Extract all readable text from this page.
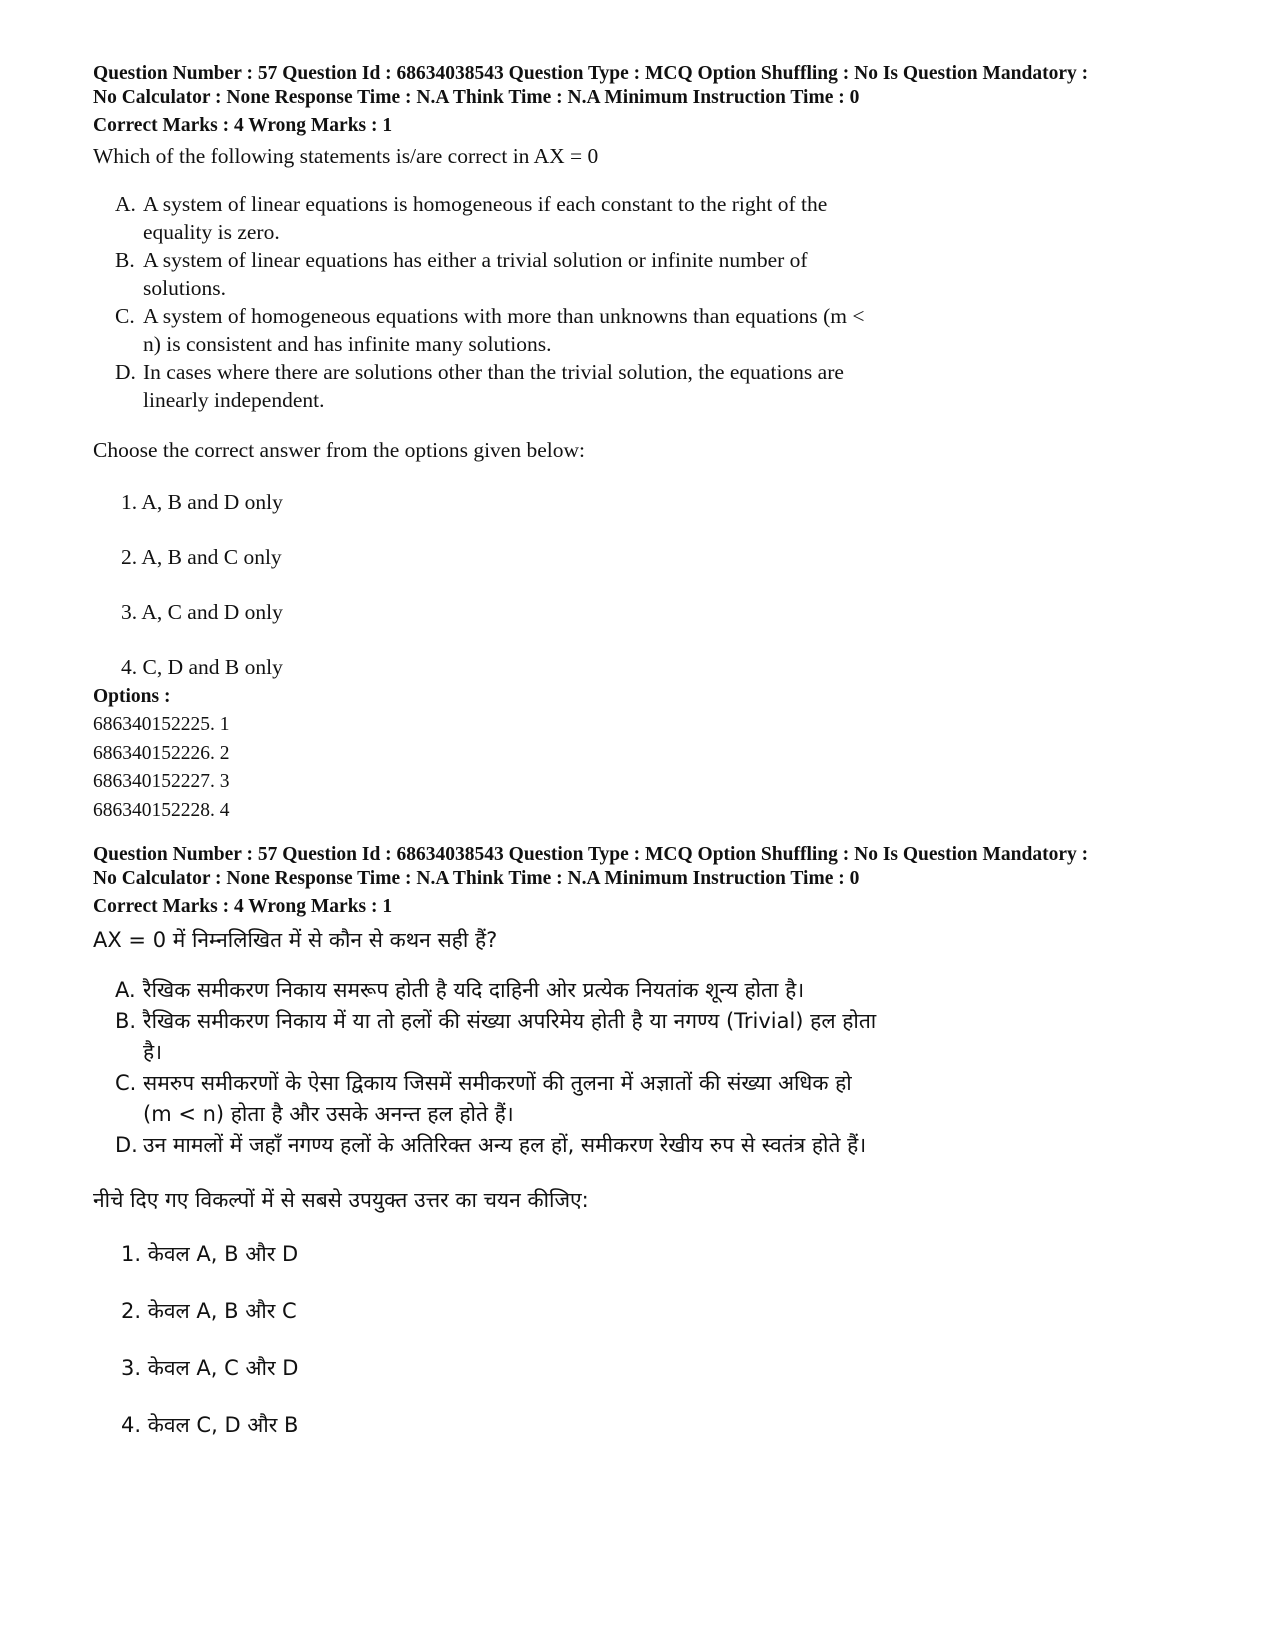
Question Number : 57 Question Id : 68634038543 Question Type : MCQ Option Shuffling : No Is Question Mandatory :

No Calculator : None Response Time : N.A Think Time : N.A Minimum Instruction Time : 0

Correct Marks : 4 Wrong Marks : 1

Which of the following statements is/are correct in AX = 0

A. A system of linear equations is homogeneous if each constant to the right of the equality is zero.
B. A system of linear equations has either a trivial solution or infinite number of solutions.
C. A system of homogeneous equations with more than unknowns than equations (m < n) is consistent and has infinite many solutions.
D. In cases where there are solutions other than the trivial solution, the equations are linearly independent.

Choose the correct answer from the options given below:

1. A, B and D only
2. A, B and C only
3. A, C and D only
4. C, D and B only

Options :

686340152225. 1
686340152226. 2
686340152227. 3
686340152228. 4

Question Number : 57 Question Id : 68634038543 Question Type : MCQ Option Shuffling : No Is Question Mandatory :

No Calculator : None Response Time : N.A Think Time : N.A Minimum Instruction Time : 0

Correct Marks : 4 Wrong Marks : 1

AX = 0 में निम्नलिखित में से कौन से कथन सही हैं?

A. रैखिक समीकरण निकाय समरूप होती है यदि दाहिनी ओर प्रत्येक नियतांक शून्य होता है।
B. रैखिक समीकरण निकाय में या तो हलों की संख्या अपरिमेय होती है या नगण्य (Trivial) हल होता है।
C. समरुप समीकरणों के ऐसा द्विकाय जिसमें समीकरणों की तुलना में अज्ञातों की संख्या अधिक हो (m < n) होता है और उसके अनन्त हल होते हैं।
D. उन मामलों में जहाँ नगण्य हलों के अतिरिक्त अन्य हल हों, समीकरण रेखीय रुप से स्वतंत्र होते हैं।

नीचे दिए गए विकल्पों में से सबसे उपयुक्त उत्तर का चयन कीजिए:

1. केवल A, B और D
2. केवल A, B और C
3. केवल A, C और D
4. केवल C, D और B
